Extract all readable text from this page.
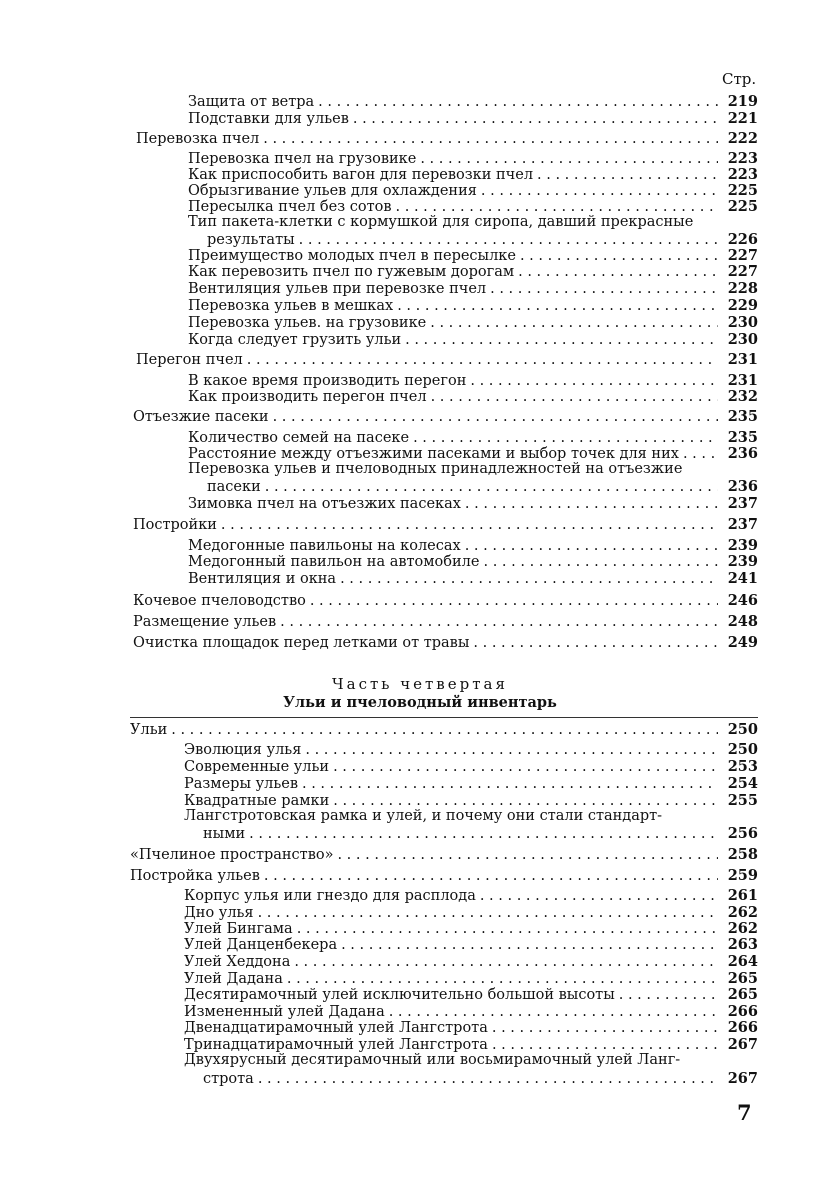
Стр.
Защита от ветра . . .	219
Подставки для ульев . . .	221
Перевозка пчел . . .	222
Перевозка пчел на грузовике . . .	223
Как приспособить вагон для перевозки пчел . . .	223
Обрызгивание ульев для охлаждения . . .	225
Пересылка пчел без сотов . . .	225
Тип пакета-клетки с кормушкой для сиропа, давший прекрасные
результаты . . .	226
Преимущество молодых пчел в пересылке . . .	227
Как перевозить пчел по гужевым дорогам . . .	227
Вентиляция ульев при перевозке пчел . . .	228
Перевозка ульев в мешках . . .	229
Перевозка ульев. на грузовике . . .	230
Когда следует грузить ульи . . .	230
Перегон пчел . . .	231
В какое время производить перегон . . .	231
Как производить перегон пчел . . .	232
Отъезжие пасеки . . .	235
Количество семей на пасеке . . .	235
Расстояние между отъезжими пасеками и выбор точек для них . . .	236
Перевозка ульев и пчеловодных принадлежностей на отъезжие
пасеки . . .	236
Зимовка пчел на отъезжих пасеках . . .	237
Постройки . . .	237
Медогонные павильоны на колесах . . .	239
Медогонный павильон на автомобиле . . .	239
Вентиляция и окна . . .	241
Кочевое пчеловодство . . .	246
Размещение ульев . . .	248
Очистка площадок перед летками от травы . . .	249
Часть четвертая
Ульи и пчеловодный инвентарь
Ульи . . .	250
Эволюция улья . . .	250
Современные ульи . . .	253
Размеры ульев . . .	254
Квадратные рамки . . .	255
Лангстротовская рамка и улей, и почему они стали стандарт-
ными . . .	256
«Пчелиное пространство» . . .	258
Постройка ульев . . .	259
Корпус улья или гнездо для расплода . . .	261
Дно улья . . .	262
Улей Бингама . . .	262
Улей Данценбекера . . .	263
Улей Хеддона . . .	264
Улей Дадана . . .	265
Десятирамочный улей исключительно большой высоты . . .	265
Измененный улей Дадана . . .	266
Двенадцатирамочный улей Лангстрота . . .	266
Тринадцатирамочный улей Лангстрота . . .	267
Двухярусный десятирамочный или восьмирамочный улей Ланг-
строта . . .	267
7
